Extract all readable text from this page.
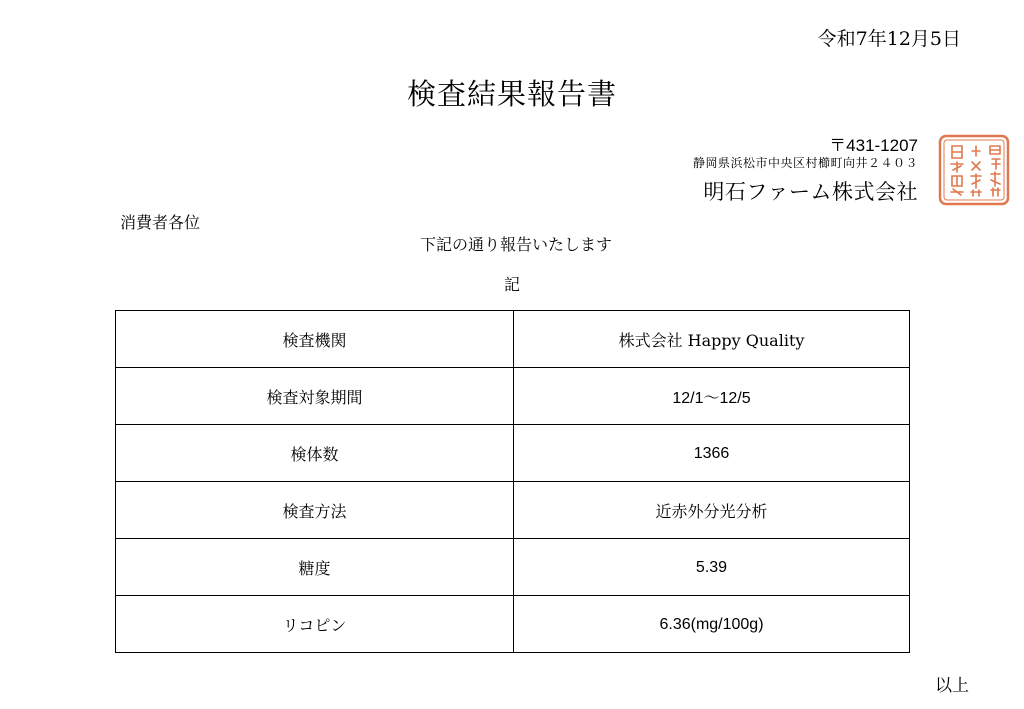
令和7年12月5日
検査結果報告書
〒431-1207
静岡県浜松市中央区村櫛町向井２４０３
明石ファーム株式会社
消費者各位
下記の通り報告いたします
記
検査機関	株式会社 Happy Quality
検査対象期間	12/1～12/5
検体数	1366
検査方法	近赤外分光分析
糖度	5.39
リコピン	6.36(mg/100g)
以上
